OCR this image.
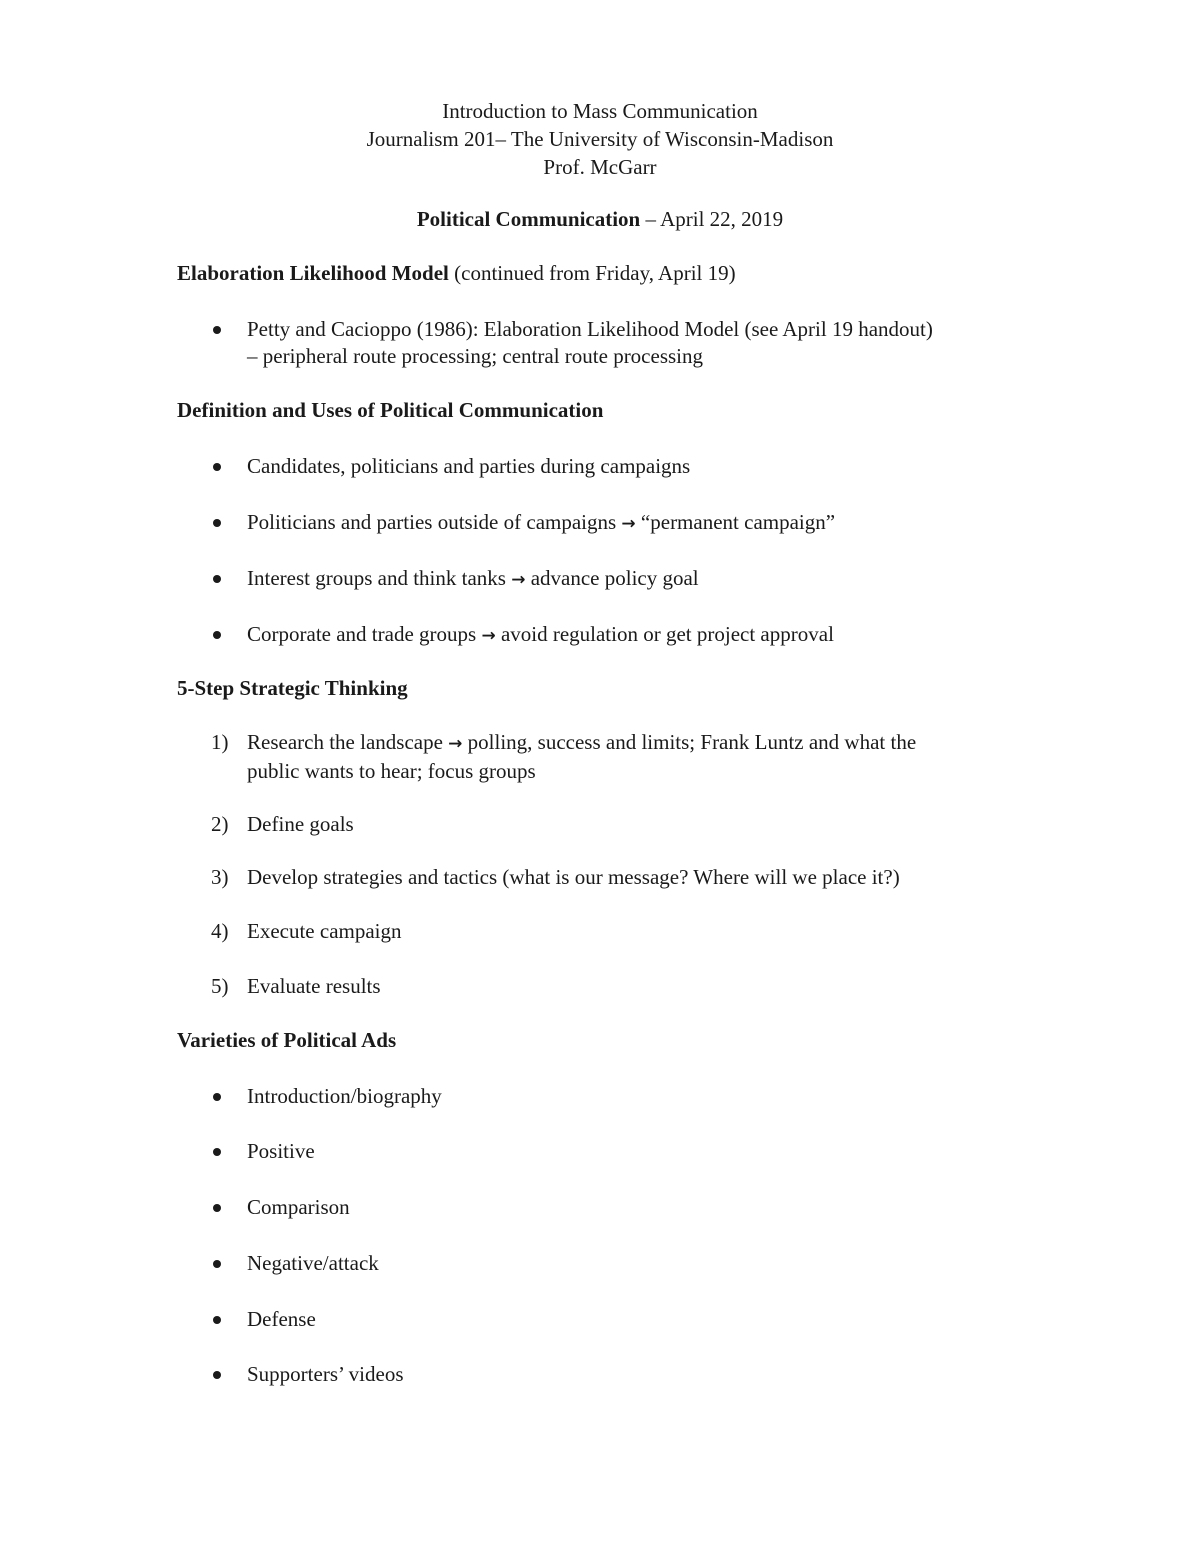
Introduction to Mass Communication
Journalism 201– The University of Wisconsin-Madison
Prof. McGarr
Political Communication – April 22, 2019
Elaboration Likelihood Model (continued from Friday, April 19)
Petty and Cacioppo (1986): Elaboration Likelihood Model (see April 19 handout)
– peripheral route processing; central route processing
Definition and Uses of Political Communication
Candidates, politicians and parties during campaigns
Politicians and parties outside of campaigns → “permanent campaign”
Interest groups and think tanks → advance policy goal
Corporate and trade groups → avoid regulation or get project approval
5-Step Strategic Thinking
1) Research the landscape → polling, success and limits; Frank Luntz and what the
public wants to hear; focus groups
2) Define goals
3) Develop strategies and tactics (what is our message? Where will we place it?)
4) Execute campaign
5) Evaluate results
Varieties of Political Ads
Introduction/biography
Positive
Comparison
Negative/attack
Defense
Supporters’ videos
